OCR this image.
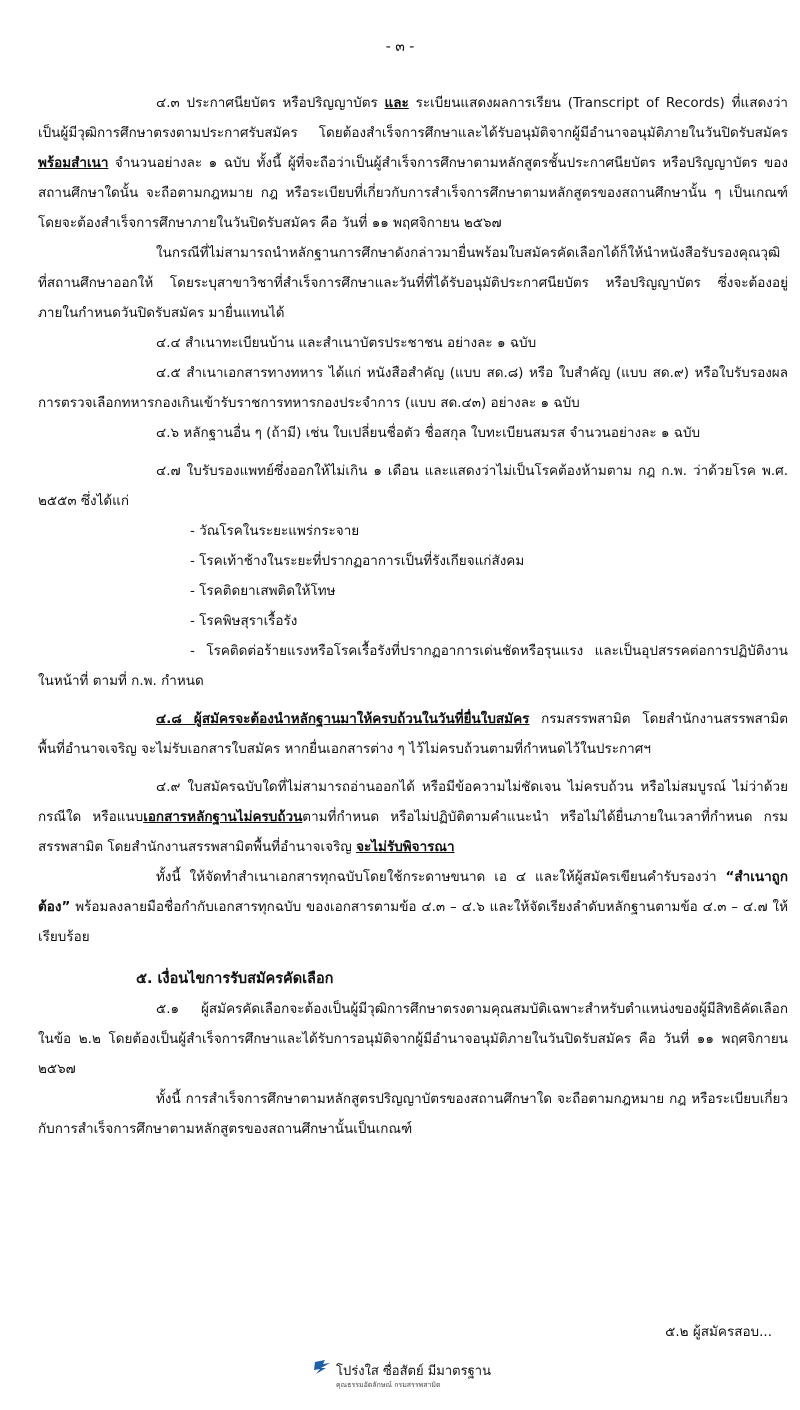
- ๓ -

๔.๓ ประกาศนียบัตร หรือปริญญาบัตร และ ระเบียนแสดงผลการเรียน (Transcript of Records) ที่แสดงว่าเป็นผู้มีวุฒิการศึกษาตรงตามประกาศรับสมัคร โดยต้องสำเร็จการศึกษาและได้รับอนุมัติจากผู้มีอำนาจอนุมัติภายในวันปิดรับสมัคร พร้อมสำเนา จำนวนอย่างละ ๑ ฉบับ ทั้งนี้ ผู้ที่จะถือว่าเป็นผู้สำเร็จการศึกษาตามหลักสูตรชั้นประกาศนียบัตร หรือปริญญาบัตร ของสถานศึกษาใดนั้น จะถือตามกฎหมาย กฎ หรือระเบียบที่เกี่ยวกับการสำเร็จการศึกษาตามหลักสูตรของสถานศึกษานั้น ๆ เป็นเกณฑ์โดยจะต้องสำเร็จการศึกษาภายในวันปิดรับสมัคร คือ วันที่ ๑๑ พฤศจิกายน ๒๕๖๗

ในกรณีที่ไม่สามารถนำหลักฐานการศึกษาดังกล่าวมายื่นพร้อมใบสมัครคัดเลือกได้ก็ให้นำหนังสือรับรองคุณวุฒิที่สถานศึกษาออกให้ โดยระบุสาขาวิชาที่สำเร็จการศึกษาและวันที่ที่ได้รับอนุมัติประกาศนียบัตร หรือปริญญาบัตร ซึ่งจะต้องอยู่ภายในกำหนดวันปิดรับสมัคร มายื่นแทนได้

๔.๔ สำเนาทะเบียนบ้าน และสำเนาบัตรประชาชน อย่างละ ๑ ฉบับ

๔.๕ สำเนาเอกสารทางทหาร ได้แก่ หนังสือสำคัญ (แบบ สด.๘) หรือ ใบสำคัญ (แบบ สด.๙) หรือใบรับรองผลการตรวจเลือกทหารกองเกินเข้ารับราชการทหารกองประจำการ (แบบ สด.๔๓) อย่างละ ๑ ฉบับ

๔.๖ หลักฐานอื่น ๆ (ถ้ามี) เช่น ใบเปลี่ยนชื่อตัว ชื่อสกุล ใบทะเบียนสมรส จำนวนอย่างละ ๑ ฉบับ

๔.๗ ใบรับรองแพทย์ซึ่งออกให้ไม่เกิน ๑ เดือน และแสดงว่าไม่เป็นโรคต้องห้ามตาม กฎ ก.พ. ว่าด้วยโรค พ.ศ. ๒๕๕๓ ซึ่งได้แก่

- วัณโรคในระยะแพร่กระจาย

- โรคเท้าช้างในระยะที่ปรากฏอาการเป็นที่รังเกียจแก่สังคม

- โรคติดยาเสพติดให้โทษ

- โรคพิษสุราเรื้อรัง

- โรคติดต่อร้ายแรงหรือโรคเรื้อรังที่ปรากฏอาการเด่นชัดหรือรุนแรง และเป็นอุปสรรคต่อการปฏิบัติงานในหน้าที่ ตามที่ ก.พ. กำหนด

๔.๘ ผู้สมัครจะต้องนำหลักฐานมาให้ครบถ้วนในวันที่ยื่นใบสมัคร กรมสรรพสามิต โดยสำนักงานสรรพสามิตพื้นที่อำนาจเจริญ จะไม่รับเอกสารใบสมัคร หากยื่นเอกสารต่าง ๆ ไว้ไม่ครบถ้วนตามที่กำหนดไว้ในประกาศฯ

๔.๙ ใบสมัครฉบับใดที่ไม่สามารถอ่านออกได้ หรือมีข้อความไม่ชัดเจน ไม่ครบถ้วน หรือไม่สมบูรณ์ ไม่ว่าด้วยกรณีใด หรือแนบเอกสารหลักฐานไม่ครบถ้วนตามที่กำหนด หรือไม่ปฏิบัติตามคำแนะนำ หรือไม่ได้ยื่นภายในเวลาที่กำหนด กรมสรรพสามิต โดยสำนักงานสรรพสามิตพื้นที่อำนาจเจริญ จะไม่รับพิจารณา

ทั้งนี้ ให้จัดทำสำเนาเอกสารทุกฉบับโดยใช้กระดาษขนาด เอ ๔ และให้ผู้สมัครเขียนคำรับรองว่า “สำเนาถูกต้อง” พร้อมลงลายมือชื่อกำกับเอกสารทุกฉบับ ของเอกสารตามข้อ ๔.๓ – ๔.๖ และให้จัดเรียงลำดับหลักฐานตามข้อ ๔.๓ – ๔.๗ ให้เรียบร้อย

๕. เงื่อนไขการรับสมัครคัดเลือก

๕.๑ ผู้สมัครคัดเลือกจะต้องเป็นผู้มีวุฒิการศึกษาตรงตามคุณสมบัติเฉพาะสำหรับตำแหน่งของผู้มีสิทธิคัดเลือก ในข้อ ๒.๒ โดยต้องเป็นผู้สำเร็จการศึกษาและได้รับการอนุมัติจากผู้มีอำนาจอนุมัติภายในวันปิดรับสมัคร คือ วันที่ ๑๑ พฤศจิกายน ๒๕๖๗

ทั้งนี้ การสำเร็จการศึกษาตามหลักสูตรปริญญาบัตรของสถานศึกษาใด จะถือตามกฎหมาย กฎ หรือระเบียบเกี่ยวกับการสำเร็จการศึกษาตามหลักสูตรของสถานศึกษานั้นเป็นเกณฑ์

๕.๒ ผู้สมัครสอบ...
โปร่งใส ซื่อสัตย์ มีมาตรฐาน
คุณธรรมอัตลักษณ์ กรมสรรพสามิต
